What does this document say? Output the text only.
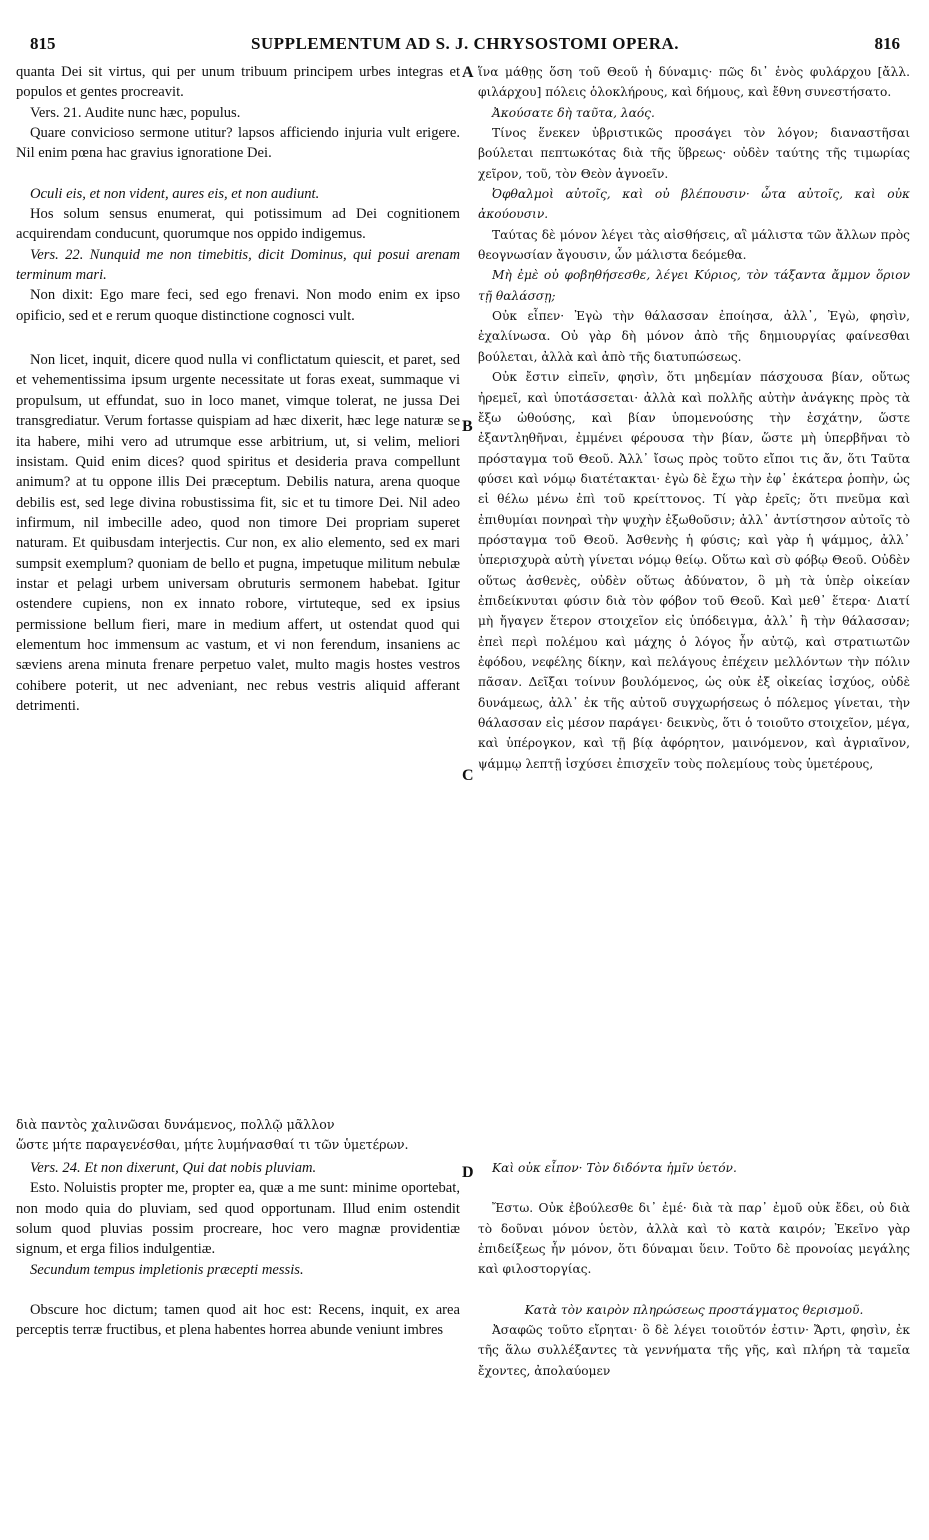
815	SUPPLEMENTUM AD S. J. CHRYSOSTOMI OPERA.	816
A
B
C
D

quanta Dei sit virtus, qui per unum tribuum principem urbes integras et populos et gentes procreavit.

Vers. 21. Audite nunc hæc, populus.

Quare convicioso sermone utitur? lapsos afficiendo injuria vult erigere. Nil enim pœna hac gravius ignoratione Dei.

Oculi eis, et non vident, aures eis, et non audiunt.

Hos solum sensus enumerat, qui potissimum ad Dei cognitionem acquirendam conducunt, quorumque nos oppido indigemus.

Vers. 22. Nunquid me non timebitis, dicit Dominus, qui posui arenam terminum mari.

Non dixit: Ego mare feci, sed ego frenavi. Non modo enim ex ipso opificio, sed et e rerum quoque distinctione cognosci vult.

Non licet, inquit, dicere quod nulla vi conflictatum quiescit, et paret, sed et vehementissima ipsum urgente necessitate ut foras exeat, summaque vi propulsum, ut effundat, suo in loco manet, vimque tolerat, ne jussa Dei transgrediatur. Verum fortasse quispiam ad hæc dixerit, hæc lege naturæ se ita habere, mihi vero ad utrumque esse arbitrium, ut, si velim, meliori insistam. Quid enim dices? quod spiritus et desideria prava compellunt animum? at tu oppone illis Dei præceptum. Debilis natura, arena quoque debilis est, sed lege divina robustissima fit, sic et tu timore Dei. Nil adeo infirmum, nil imbecille adeo, quod non timore Dei propriam superet naturam. Et quibusdam interjectis. Cur non, ex alio elemento, sed ex mari sumpsit exemplum? quoniam de bello et pugna, impetuque militum nebulæ instar et pelagi urbem universam obruturis sermonem habebat. Igitur ostendere cupiens, non ex innato robore, virtuteque, sed ex ipsius permissione bellum fieri, mare in medium affert, ut ostendat quod qui elementum hoc immensum ac vastum, et vi non ferendum, insaniens ac sæviens arena minuta frenare perpetuo valet, multo magis hostes vestros cohibere poterit, ut nec adveniant, nec rebus vestris aliquid afferant detrimenti.

διὰ παντὸς χαλινῶσαι δυνάμενος, πολλῷ μᾶλλον
ὥστε μήτε παραγενέσθαι, μήτε λυμήνασθαί τι τῶν ὑμετέρων.

Vers. 24. Et non dixerunt, Qui dat nobis pluviam.

Esto. Noluistis propter me, propter ea, quæ a me sunt: minime oportebat, non modo quia do pluviam, sed quod opportunam. Illud enim ostendit solum quod pluvias possim procreare, hoc vero magnæ providentiæ signum, et erga filios indulgentiæ.

Secundum tempus impletionis præcepti messis.

Obscure hoc dictum; tamen quod ait hoc est: Recens, inquit, ex area perceptis terræ fructibus, et plena habentes horrea abunde veniunt imbres

ἵνα μάθῃς ὅση τοῦ Θεοῦ ἡ δύναμις· πῶς δι᾽ ἑνὸς φυλάρχου [ἄλλ. φιλάρχου] πόλεις ὁλοκλήρους, καὶ δήμους, καὶ ἔθνη συνεστήσατο.

Ἀκούσατε δὴ ταῦτα, λαός.

Τίνος ἕνεκεν ὑβριστικῶς προσάγει τὸν λόγον; διαναστῆσαι βούλεται πεπτωκότας διὰ τῆς ὕβρεως· οὐδὲν ταύτης τῆς τιμωρίας χεῖρον, τοῦ, τὸν Θεὸν ἀγνοεῖν.

Ὀφθαλμοὶ αὐτοῖς, καὶ οὐ βλέπουσιν· ὦτα αὐτοῖς, καὶ οὐκ ἀκούουσιν.

Ταύτας δὲ μόνον λέγει τὰς αἰσθήσεις, αἳ μάλιστα τῶν ἄλλων πρὸς θεογνωσίαν ἄγουσιν, ὧν μάλιστα δεόμεθα.

Μὴ ἐμὲ οὐ φοβηθήσεσθε, λέγει Κύριος, τὸν τάξαντα ἄμμον ὅριον τῇ θαλάσσῃ;

Οὐκ εἶπεν· Ἐγὼ τὴν θάλασσαν ἐποίησα, ἀλλ᾽, Ἐγὼ, φησὶν, ἐχαλίνωσα. Οὐ γὰρ δὴ μόνον ἀπὸ τῆς δημιουργίας φαίνεσθαι βούλεται, ἀλλὰ καὶ ἀπὸ τῆς διατυπώσεως.

Οὐκ ἔστιν εἰπεῖν, φησὶν, ὅτι μηδεμίαν πάσχουσα βίαν, οὕτως ἠρεμεῖ, καὶ ὑποτάσσεται· ἀλλὰ καὶ πολλῆς αὐτὴν ἀνάγκης πρὸς τὰ ἔξω ὠθούσης, καὶ βίαν ὑπομενούσης τὴν ἐσχάτην, ὥστε ἐξαντληθῆναι, ἐμμένει φέρουσα τὴν βίαν, ὥστε μὴ ὑπερβῆναι τὸ πρόσταγμα τοῦ Θεοῦ. Ἀλλ᾽ ἴσως πρὸς τοῦτο εἴποι τις ἄν, ὅτι Ταῦτα φύσει καὶ νόμῳ διατέτακται· ἐγὼ δὲ ἔχω τὴν ἐφ᾽ ἑκάτερα ῥοπὴν, ὡς εἰ θέλω μένω ἐπὶ τοῦ κρείττονος. Τί γὰρ ἐρεῖς; ὅτι πνεῦμα καὶ ἐπιθυμίαι πονηραὶ τὴν ψυχὴν ἐξωθοῦσιν; ἀλλ᾽ ἀντίστησον αὐτοῖς τὸ πρόσταγμα τοῦ Θεοῦ. Ἀσθενὴς ἡ φύσις; καὶ γὰρ ἡ ψάμμος, ἀλλ᾽ ὑπερισχυρὰ αὐτὴ γίνεται νόμῳ θείῳ. Οὕτω καὶ σὺ φόβῳ Θεοῦ. Οὐδὲν οὕτως ἀσθενὲς, οὐδὲν οὕτως ἀδύνατον, ὃ μὴ τὰ ὑπὲρ οἰκείαν ἐπιδείκνυται φύσιν διὰ τὸν φόβον τοῦ Θεοῦ. Καὶ μεθ᾽ ἕτερα· Διατί μὴ ἤγαγεν ἕτερον στοιχεῖον εἰς ὑπόδειγμα, ἀλλ᾽ ἢ τὴν θάλασσαν; ἐπεὶ περὶ πολέμου καὶ μάχης ὁ λόγος ἦν αὐτῷ, καὶ στρατιωτῶν ἐφόδου, νεφέλης δίκην, καὶ πελάγους ἐπέχειν μελλόντων τὴν πόλιν πᾶσαν. Δεῖξαι τοίνυν βουλόμενος, ὡς οὐκ ἐξ οἰκείας ἰσχύος, οὐδὲ δυνάμεως, ἀλλ᾽ ἐκ τῆς αὐτοῦ συγχωρήσεως ὁ πόλεμος γίνεται, τὴν θάλασσαν εἰς μέσον παράγει· δεικνὺς, ὅτι ὁ τοιοῦτο στοιχεῖον, μέγα, καὶ ὑπέρογκον, καὶ τῇ βίᾳ ἀφόρητον, μαινόμενον, καὶ ἀγριαῖνον, ψάμμῳ λεπτῇ ἰσχύσει ἐπισχεῖν τοὺς πολεμίους τοὺς ὑμετέρους,

Καὶ οὐκ εἶπον· Τὸν διδόντα ἡμῖν ὑετόν.

Ἔστω. Οὐκ ἐβούλεσθε δι᾽ ἐμέ· διὰ τὰ παρ᾽ ἐμοῦ οὐκ ἔδει, οὐ διὰ τὸ δοῦναι μόνον ὑετὸν, ἀλλὰ καὶ τὸ κατὰ καιρόν; Ἐκεῖνο γὰρ ἐπιδείξεως ἦν μόνον, ὅτι δύναμαι ὕειν. Τοῦτο δὲ προνοίας μεγάλης καὶ φιλοστοργίας.

Κατὰ τὸν καιρὸν πληρώσεως προστάγματος θερισμοῦ.

Ἀσαφῶς τοῦτο εἴρηται· ὃ δὲ λέγει τοιοῦτόν ἐστιν· Ἄρτι, φησὶν, ἐκ τῆς ἅλω συλλέξαντες τὰ γεννήματα τῆς γῆς, καὶ πλήρη τὰ ταμεῖα ἔχοντες, ἀπολαύομεν
